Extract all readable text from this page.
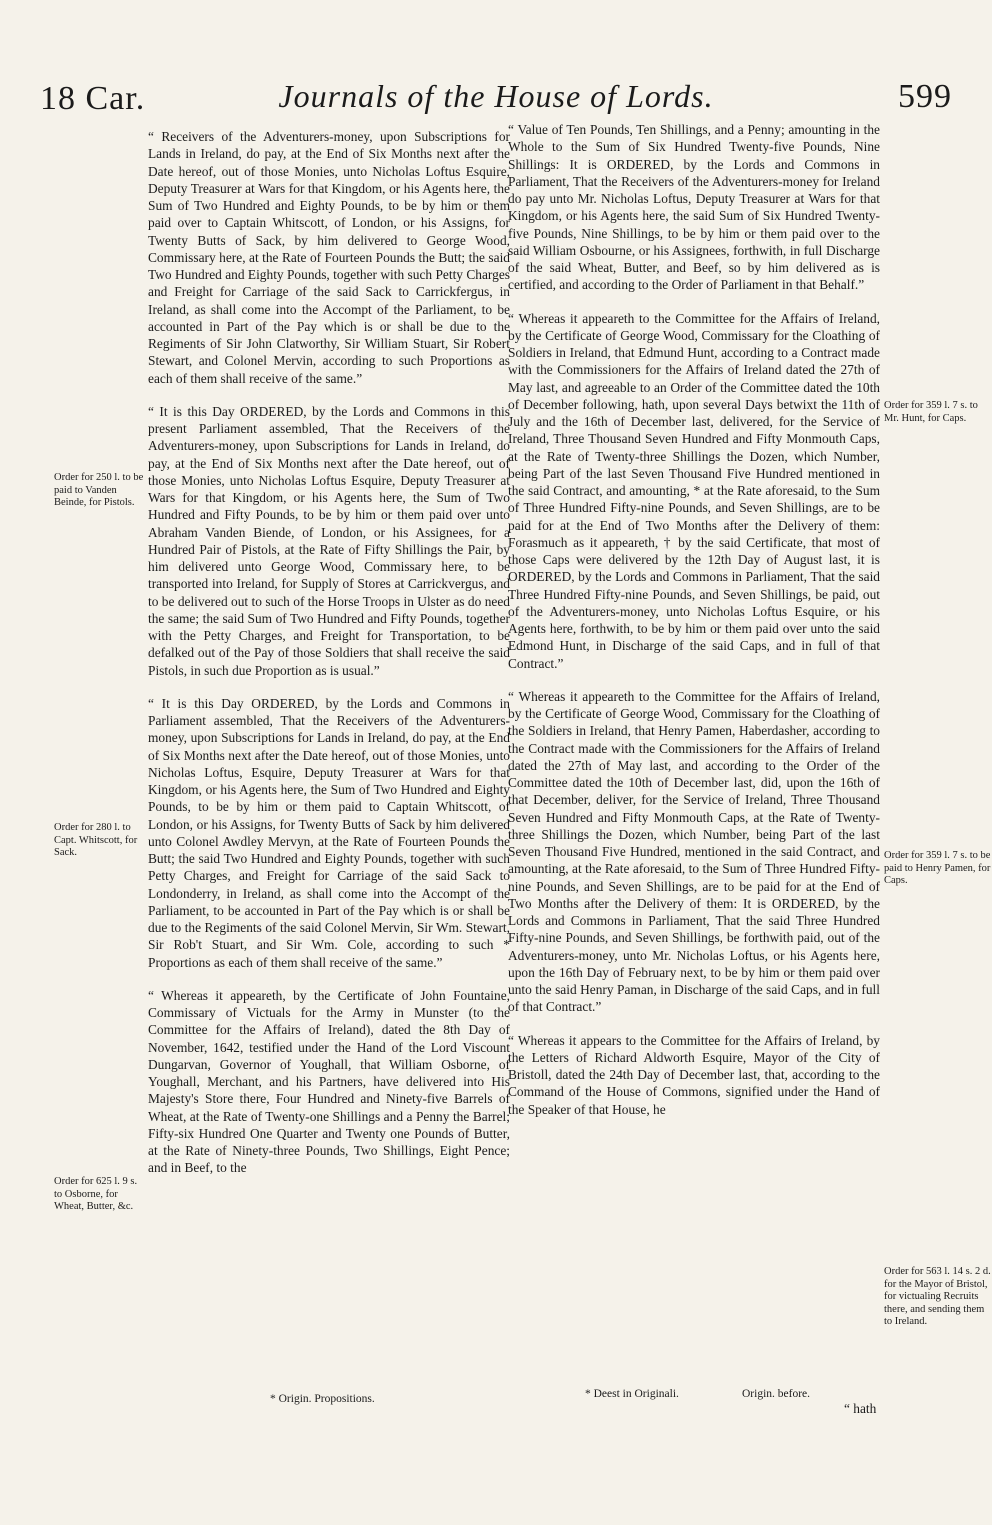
18 Car.	Journals of the House of Lords.	599

“ Receivers of the Adventurers-money, upon Subscriptions for Lands in Ireland, do pay, at the End of Six Months next after the Date hereof, out of those Monies, unto Nicholas Loftus Esquire, Deputy Treasurer at Wars for that Kingdom, or his Agents here, the Sum of Two Hundred and Eighty Pounds, to be by him or them paid over to Captain Whitscott, of London, or his Assigns, for Twenty Butts of Sack, by him delivered to George Wood, Commissary here, at the Rate of Fourteen Pounds the Butt; the said Two Hundred and Eighty Pounds, together with such Petty Charges and Freight for Carriage of the said Sack to Carrickfergus, in Ireland, as shall come into the Accompt of the Parliament, to be accounted in Part of the Pay which is or shall be due to the Regiments of Sir John Clatworthy, Sir William Stuart, Sir Robert Stewart, and Colonel Mervin, according to such Proportions as each of them shall receive of the same.”

“ It is this Day ORDERED, by the Lords and Commons in this present Parliament assembled, That the Receivers of the Adventurers-money, upon Subscriptions for Lands in Ireland, do pay, at the End of Six Months next after the Date hereof, out of those Monies, unto Nicholas Loftus Esquire, Deputy Treasurer at Wars for that Kingdom, or his Agents here, the Sum of Two Hundred and Fifty Pounds, to be by him or them paid over unto Abraham Vanden Biende, of London, or his Assignees, for a Hundred Pair of Pistols, at the Rate of Fifty Shillings the Pair, by him delivered unto George Wood, Commissary here, to be transported into Ireland, for Supply of Stores at Carrickvergus, and to be delivered out to such of the Horse Troops in Ulster as do need the same; the said Sum of Two Hundred and Fifty Pounds, together with the Petty Charges, and Freight for Transportation, to be defalked out of the Pay of those Soldiers that shall receive the said Pistols, in such due Proportion as is usual.”

“ It is this Day ORDERED, by the Lords and Commons in Parliament assembled, That the Receivers of the Adventurers-money, upon Subscriptions for Lands in Ireland, do pay, at the End of Six Months next after the Date hereof, out of those Monies, unto Nicholas Loftus, Esquire, Deputy Treasurer at Wars for that Kingdom, or his Agents here, the Sum of Two Hundred and Eighty Pounds, to be by him or them paid to Captain Whitscott, of London, or his Assigns, for Twenty Butts of Sack by him delivered unto Colonel Awdley Mervyn, at the Rate of Fourteen Pounds the Butt; the said Two Hundred and Eighty Pounds, together with such Petty Charges, and Freight for Carriage of the said Sack to Londonderry, in Ireland, as shall come into the Accompt of the Parliament, to be accounted in Part of the Pay which is or shall be due to the Regiments of the said Colonel Mervin, Sir Wm. Stewart, Sir Rob't Stuart, and Sir Wm. Cole, according to such * Proportions as each of them shall receive of the same.”

“ Whereas it appeareth, by the Certificate of John Fountaine, Commissary of Victuals for the Army in Munster (to the Committee for the Affairs of Ireland), dated the 8th Day of November, 1642, testified under the Hand of the Lord Viscount Dungarvan, Governor of Youghall, that William Osborne, of Youghall, Merchant, and his Partners, have delivered into His Majesty's Store there, Four Hundred and Ninety-five Barrels of Wheat, at the Rate of Twenty-one Shillings and a Penny the Barrel; Fifty-six Hundred One Quarter and Twenty one Pounds of Butter, at the Rate of Ninety-three Pounds, Two Shillings, Eight Pence; and in Beef, to the

“ Value of Ten Pounds, Ten Shillings, and a Penny; amounting in the Whole to the Sum of Six Hundred Twenty-five Pounds, Nine Shillings: It is ORDERED, by the Lords and Commons in Parliament, That the Receivers of the Adventurers-money for Ireland do pay unto Mr. Nicholas Loftus, Deputy Treasurer at Wars for that Kingdom, or his Agents here, the said Sum of Six Hundred Twenty-five Pounds, Nine Shillings, to be by him or them paid over to the said William Osbourne, or his Assignees, forthwith, in full Discharge of the said Wheat, Butter, and Beef, so by him delivered as is certified, and according to the Order of Parliament in that Behalf.”

“ Whereas it appeareth to the Committee for the Affairs of Ireland, by the Certificate of George Wood, Commissary for the Cloathing of Soldiers in Ireland, that Edmund Hunt, according to a Contract made with the Commissioners for the Affairs of Ireland dated the 27th of May last, and agreeable to an Order of the Committee dated the 10th of December following, hath, upon several Days betwixt the 11th of July and the 16th of December last, delivered, for the Service of Ireland, Three Thousand Seven Hundred and Fifty Monmouth Caps, at the Rate of Twenty-three Shillings the Dozen, which Number, being Part of the last Seven Thousand Five Hundred mentioned in the said Contract, and amounting, * at the Rate aforesaid, to the Sum of Three Hundred Fifty-nine Pounds, and Seven Shillings, are to be paid for at the End of Two Months after the Delivery of them: Forasmuch as it appeareth, † by the said Certificate, that most of those Caps were delivered by the 12th Day of August last, it is ORDERED, by the Lords and Commons in Parliament, That the said Three Hundred Fifty-nine Pounds, and Seven Shillings, be paid, out of the Adventurers-money, unto Nicholas Loftus Esquire, or his Agents here, forthwith, to be by him or them paid over unto the said Edmond Hunt, in Discharge of the said Caps, and in full of that Contract.”

“ Whereas it appeareth to the Committee for the Affairs of Ireland, by the Certificate of George Wood, Commissary for the Cloathing of the Soldiers in Ireland, that Henry Pamen, Haberdasher, according to the Contract made with the Commissioners for the Affairs of Ireland dated the 27th of May last, and according to the Order of the Committee dated the 10th of December last, did, upon the 16th of that December, deliver, for the Service of Ireland, Three Thousand Seven Hundred and Fifty Monmouth Caps, at the Rate of Twenty-three Shillings the Dozen, which Number, being Part of the last Seven Thousand Five Hundred, mentioned in the said Contract, and amounting, at the Rate aforesaid, to the Sum of Three Hundred Fifty-nine Pounds, and Seven Shillings, are to be paid for at the End of Two Months after the Delivery of them: It is ORDERED, by the Lords and Commons in Parliament, That the said Three Hundred Fifty-nine Pounds, and Seven Shillings, be forthwith paid, out of the Adventurers-money, unto Mr. Nicholas Loftus, or his Agents here, upon the 16th Day of February next, to be by him or them paid over unto the said Henry Paman, in Discharge of the said Caps, and in full of that Contract.”

“ Whereas it appears to the Committee for the Affairs of Ireland, by the Letters of Richard Aldworth Esquire, Mayor of the City of Bristoll, dated the 24th Day of December last, that, according to the Command of the House of Commons, signified under the Hand of the Speaker of that House, he

Order for 250 l. to be paid to Vanden Beinde, for Pistols.
Order for 280 l. to Capt. Whitscott, for Sack.
Order for 625 l. 9 s. to Osborne, for Wheat, Butter, &c.
Order for 359 l. 7 s. to Mr. Hunt, for Caps.
Order for 359 l. 7 s. to be paid to Henry Pamen, for Caps.
Order for 563 l. 14 s. 2 d. for the Mayor of Bristol, for victualing Recruits there, and sending them to Ireland.
* Origin. Propositions.	* Deest in Originali.	Origin. before.
“ hath
